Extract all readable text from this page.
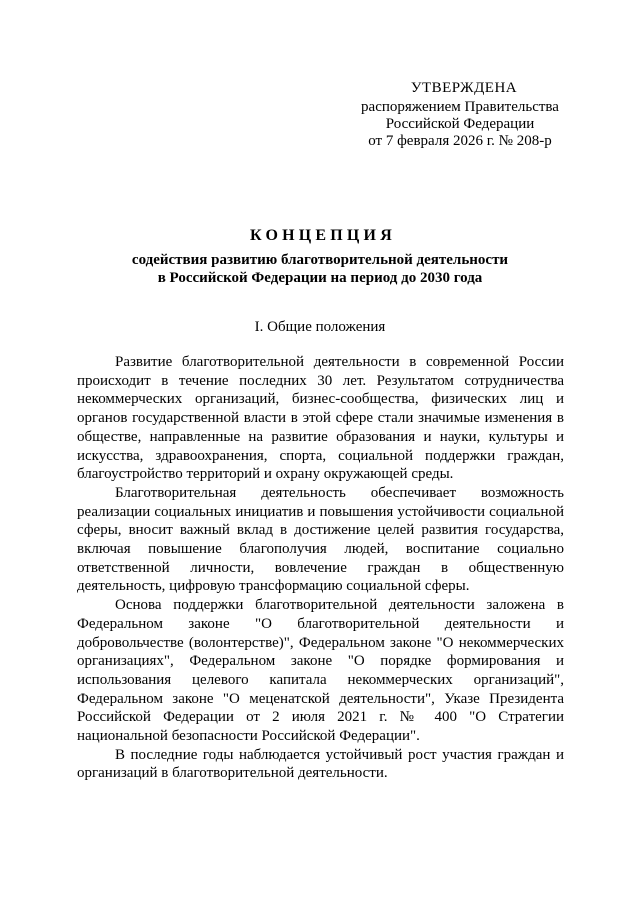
УТВЕРЖДЕНА
распоряжением Правительства
Российской Федерации
от 7 февраля 2026 г. № 208-р
КОНЦЕПЦИЯ
содействия развитию благотворительной деятельности
в Российской Федерации на период до 2030 года
I. Общие положения

Развитие благотворительной деятельности в современной России происходит в течение последних 30 лет. Результатом сотрудничества некоммерческих организаций, бизнес-сообщества, физических лиц и органов государственной власти в этой сфере стали значимые изменения в обществе, направленные на развитие образования и науки, культуры и искусства, здравоохранения, спорта, социальной поддержки граждан, благоустройство территорий и охрану окружающей среды.

Благотворительная деятельность обеспечивает возможность реализации социальных инициатив и повышения устойчивости социальной сферы, вносит важный вклад в достижение целей развития государства, включая повышение благополучия людей, воспитание социально ответственной личности, вовлечение граждан в общественную деятельность, цифровую трансформацию социальной сферы.

Основа поддержки благотворительной деятельности заложена в Федеральном законе "О благотворительной деятельности и добровольчестве (волонтерстве)", Федеральном законе "О некоммерческих организациях", Федеральном законе "О порядке формирования и использования целевого капитала некоммерческих организаций", Федеральном законе "О меценатской деятельности", Указе Президента Российской Федерации от 2 июля 2021 г. № 400 "О Стратегии национальной безопасности Российской Федерации".

В последние годы наблюдается устойчивый рост участия граждан и организаций в благотворительной деятельности.
